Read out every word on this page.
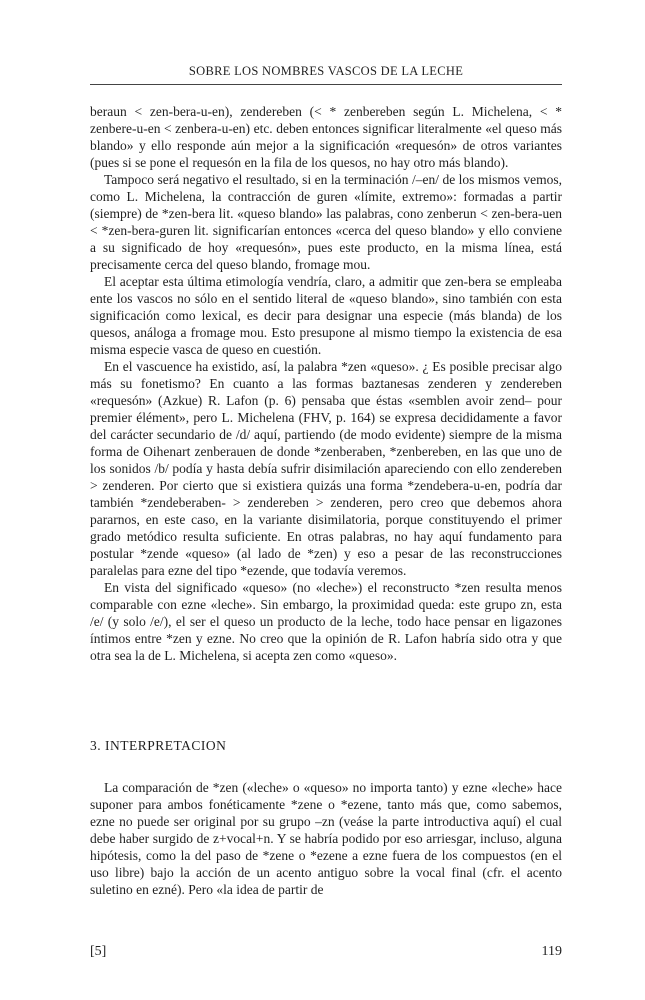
SOBRE LOS NOMBRES VASCOS DE LA LECHE

beraun < zen-bera-u-en), zendereben (< * zenbereben según L. Michelena, < * zenbere-u-en < zenbera-u-en) etc. deben entonces significar literalmente «el queso más blando» y ello responde aún mejor a la significación «requesón» de otros variantes (pues si se pone el requesón en la fila de los quesos, no hay otro más blando).

Tampoco será negativo el resultado, si en la terminación /–en/ de los mismos vemos, como L. Michelena, la contracción de guren «límite, extremo»: formadas a partir (siempre) de *zen-bera lit. «queso blando» las palabras, cono zenberun < zen-bera-uen < *zen-bera-guren lit. significarían entonces «cerca del queso blando» y ello conviene a su significado de hoy «requesón», pues este producto, en la misma línea, está precisamente cerca del queso blando, fromage mou.

El aceptar esta última etimología vendría, claro, a admitir que zen-bera se empleaba ente los vascos no sólo en el sentido literal de «queso blando», sino también con esta significación como lexical, es decir para designar una especie (más blanda) de los quesos, análoga a fromage mou. Esto presupone al mismo tiempo la existencia de esa misma especie vasca de queso en cuestión.

En el vascuence ha existido, así, la palabra *zen «queso». ¿ Es posible precisar algo más su fonetismo? En cuanto a las formas baztanesas zenderen y zendereben «requesón» (Azkue) R. Lafon (p. 6) pensaba que éstas «semblen avoir zend– pour premier élément», pero L. Michelena (FHV, p. 164) se expresa decididamente a favor del carácter secundario de /d/ aquí, partiendo (de modo evidente) siempre de la misma forma de Oihenart zenberauen de donde *zenberaben, *zenbereben, en las que uno de los sonidos /b/ podía y hasta debía sufrir disimilación apareciendo con ello zendereben > zenderen. Por cierto que si existiera quizás una forma *zendebera-u-en, podría dar también *zendeberaben- > zendereben > zenderen, pero creo que debemos ahora pararnos, en este caso, en la variante disimilatoria, porque constituyendo el primer grado metódico resulta suficiente. En otras palabras, no hay aquí fundamento para postular *zende «queso» (al lado de *zen) y eso a pesar de las reconstrucciones paralelas para ezne del tipo *ezende, que todavía veremos.

En vista del significado «queso» (no «leche») el reconstructo *zen resulta menos comparable con ezne «leche». Sin embargo, la proximidad queda: este grupo zn, esta /e/ (y solo /e/), el ser el queso un producto de la leche, todo hace pensar en ligazones íntimos entre *zen y ezne. No creo que la opinión de R. Lafon habría sido otra y que otra sea la de L. Michelena, si acepta zen como «queso».

3. INTERPRETACION

La comparación de *zen («leche» o «queso» no importa tanto) y ezne «leche» hace suponer para ambos fonéticamente *zene o *ezene, tanto más que, como sabemos, ezne no puede ser original por su grupo –zn (veáse la parte introductiva aquí) el cual debe haber surgido de z+vocal+n. Y se habría podido por eso arriesgar, incluso, alguna hipótesis, como la del paso de *zene o *ezene a ezne fuera de los compuestos (en el uso libre) bajo la acción de un acento antiguo sobre la vocal final (cfr. el acento suletino en ezné). Pero «la idea de partir de

[5]	119
